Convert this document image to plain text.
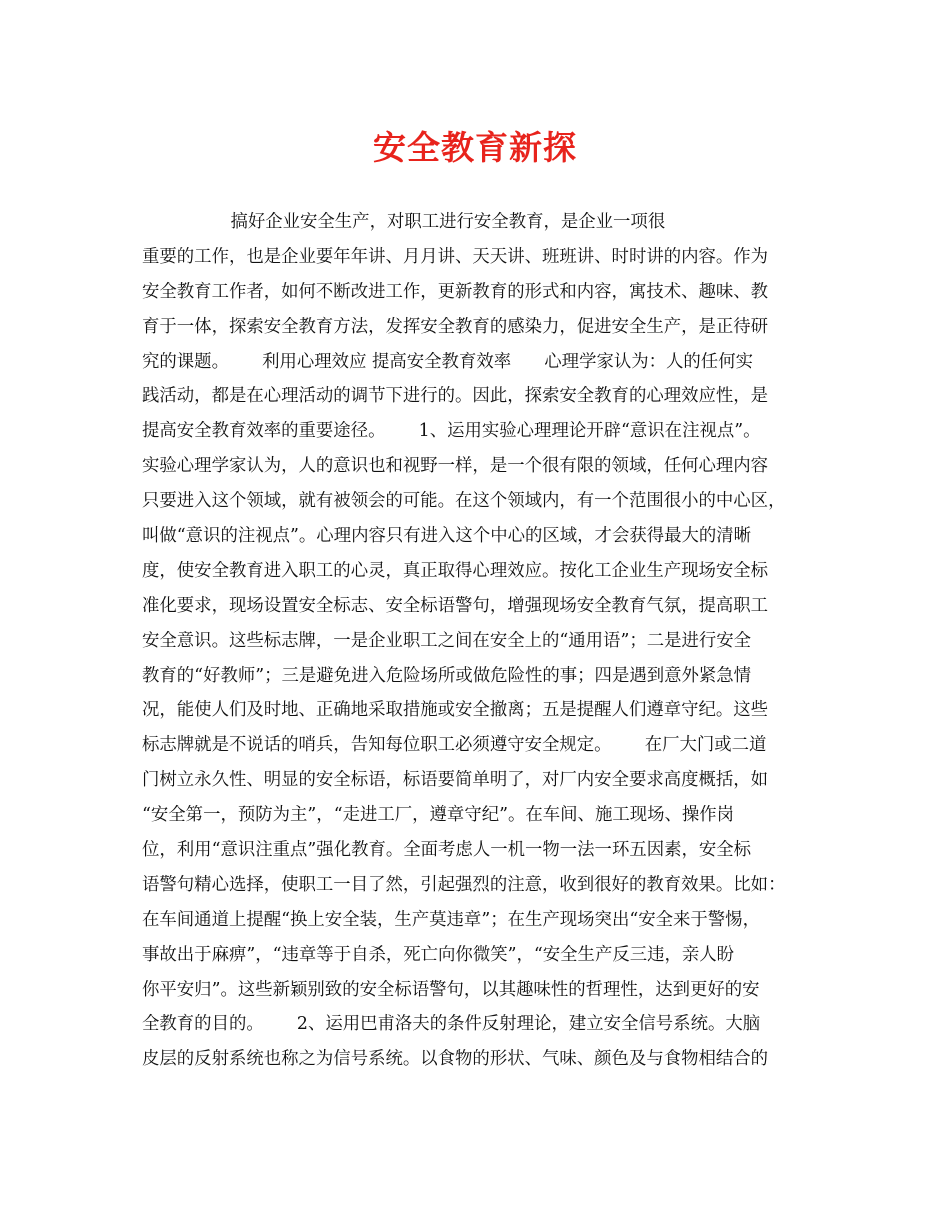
安全教育新探
搞好企业安全生产，对职工进行安全教育，是企业一项很
重要的工作，也是企业要年年讲、月月讲、天天讲、班班讲、时时讲的内容。作为
安全教育工作者，如何不断改进工作，更新教育的形式和内容，寓技术、趣味、教
育于一体，探索安全教育方法，发挥安全教育的感染力，促进安全生产，是正待研
究的课题。      利用心理效应 提高安全教育效率      心理学家认为：人的任何实
践活动，都是在心理活动的调节下进行的。因此，探索安全教育的心理效应性，是
提高安全教育效率的重要途径。      1、运用实验心理理论开辟“意识在注视点”。
实验心理学家认为，人的意识也和视野一样，是一个很有限的领域，任何心理内容
只要进入这个领域，就有被领会的可能。在这个领域内，有一个范围很小的中心区，
叫做“意识的注视点”。心理内容只有进入这个中心的区域，才会获得最大的清晰
度，使安全教育进入职工的心灵，真正取得心理效应。按化工企业生产现场安全标
准化要求，现场设置安全标志、安全标语警句，增强现场安全教育气氛，提高职工
安全意识。这些标志牌，一是企业职工之间在安全上的“通用语”；二是进行安全
教育的“好教师”；三是避免进入危险场所或做危险性的事；四是遇到意外紧急情
况，能使人们及时地、正确地采取措施或安全撤离；五是提醒人们遵章守纪。这些
标志牌就是不说话的哨兵，告知每位职工必须遵守安全规定。      在厂大门或二道
门树立永久性、明显的安全标语，标语要简单明了，对厂内安全要求高度概括，如
“安全第一，预防为主”，“走进工厂，遵章守纪”。在车间、施工现场、操作岗
位，利用“意识注重点”强化教育。全面考虑人一机一物一法一环五因素，安全标
语警句精心选择，使职工一目了然，引起强烈的注意，收到很好的教育效果。比如：
在车间通道上提醒“换上安全装，生产莫违章”；在生产现场突出“安全来于警惕，
事故出于麻痹”，“违章等于自杀，死亡向你微笑”，“安全生产反三违，亲人盼
你平安归”。这些新颖别致的安全标语警句，以其趣味性的哲理性，达到更好的安
全教育的目的。      2、运用巴甫洛夫的条件反射理论，建立安全信号系统。大脑
皮层的反射系统也称之为信号系统。以食物的形状、气味、颜色及与食物相结合的
